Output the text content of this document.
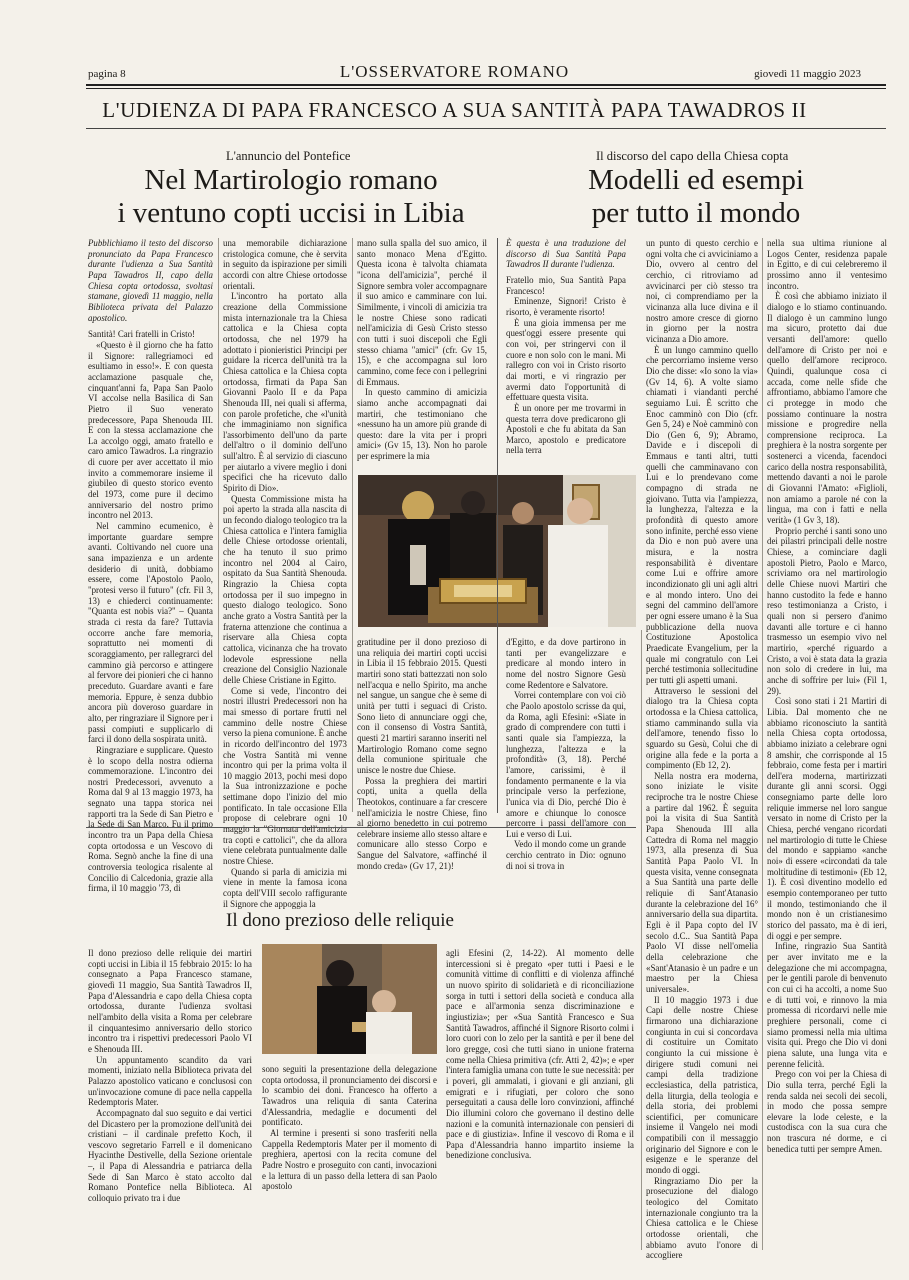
pagina 8	L'OSSERVATORE ROMANO	giovedì 11 maggio 2023
L'UDIENZA DI PAPA FRANCESCO A SUA SANTITÀ PAPA TAWADROS II
L'annuncio del Pontefice
Nel Martirologio romano
i ventuno copti uccisi in Libia
Il discorso del capo della Chiesa copta
Modelli ed esempi
per tutto il mondo

Pubblichiamo il testo del discorso pronunciato da Papa Francesco durante l'udienza a Sua Santità Papa Tawadros II, capo della Chiesa copta ortodossa, svoltasi stamane, giovedì 11 maggio, nella Biblioteca privata del Palazzo apostolico.

Santità! Cari fratelli in Cristo!

«Questo è il giorno che ha fatto il Signore: rallegriamoci ed esultiamo in esso!». E con questa acclamazione pasquale che, cinquant'anni fa, Papa San Paolo VI accolse nella Basilica di San Pietro il Suo venerato predecessore, Papa Shenouda III. E con la stessa acclamazione che La accolgo oggi, amato fratello e caro amico Tawadros. La ringrazio di cuore per aver accettato il mio invito a commemorare insieme il giubileo di questo storico evento del 1973, come pure il decimo anniversario del nostro primo incontro nel 2013.

Nel cammino ecumenico, è importante guardare sempre avanti. Coltivando nel cuore una sana impazienza e un ardente desiderio di unità, dobbiamo essere, come l'Apostolo Paolo, "protesi verso il futuro" (cfr. Fil 3, 13) e chiederci continuamente: "Quanta est nobis via?" – Quanta strada ci resta da fare? Tuttavia occorre anche fare memoria, soprattutto nei momenti di scoraggiamento, per rallegrarci del cammino già percorso e attingere al fervore dei pionieri che ci hanno preceduto. Guardare avanti e fare memoria. Eppure, è senza dubbio ancora più doveroso guardare in alto, per ringraziare il Signore per i passi compiuti e supplicarlo di farci il dono della sospirata unità.

Ringraziare e supplicare. Questo è lo scopo della nostra odierna commemorazione. L'incontro dei nostri Predecessori, avvenuto a Roma dal 9 al 13 maggio 1973, ha segnato una tappa storica nei rapporti tra la Sede di San Pietro e la Sede di San Marco. Fu il primo incontro tra un Papa della Chiesa copta ortodossa e un Vescovo di Roma. Segnò anche la fine di una controversia teologica risalente al Concilio di Calcedonia, grazie alla firma, il 10 maggio '73, di

una memorabile dichiarazione cristologica comune, che è servita in seguito da ispirazione per simili accordi con altre Chiese ortodosse orientali.

L'incontro ha portato alla creazione della Commissione mista internazionale tra la Chiesa cattolica e la Chiesa copta ortodossa, che nel 1979 ha adottato i pionieristici Principi per guidare la ricerca dell'unità tra la Chiesa cattolica e la Chiesa copta ortodossa, firmati da Papa San Giovanni Paolo II e da Papa Shenouda III, nei quali si afferma, con parole profetiche, che «l'unità che immaginiamo non significa l'assorbimento dell'uno da parte dell'altro o il dominio dell'uno sull'altro. È al servizio di ciascuno per aiutarlo a vivere meglio i doni specifici che ha ricevuto dallo Spirito di Dio».

Questa Commissione mista ha poi aperto la strada alla nascita di un fecondo dialogo teologico tra la Chiesa cattolica e l'intera famiglia delle Chiese ortodosse orientali, che ha tenuto il suo primo incontro nel 2004 al Cairo, ospitato da Sua Santità Shenouda. Ringrazio la Chiesa copta ortodossa per il suo impegno in questo dialogo teologico. Sono anche grato a Vostra Santità per la fraterna attenzione che continua a riservare alla Chiesa copta cattolica, vicinanza che ha trovato lodevole espressione nella creazione del Consiglio Nazionale delle Chiese Cristiane in Egitto.

Come si vede, l'incontro dei nostri illustri Predecessori non ha mai smesso di portare frutti nel cammino delle nostre Chiese verso la piena comunione. È anche in ricordo dell'incontro del 1973 che Vostra Santità mi venne incontro qui per la prima volta il 10 maggio 2013, pochi mesi dopo la Sua intronizzazione e poche settimane dopo l'inizio del mio pontificato. In tale occasione Ella propose di celebrare ogni 10 maggio la "Giornata dell'amicizia tra copti e cattolici", che da allora viene celebrata puntualmente dalle nostre Chiese.

Quando si parla di amicizia mi viene in mente la famosa icona copta dell'VIII secolo raffigurante il Signore che appoggia la

mano sulla spalla del suo amico, il santo monaco Mena d'Egitto. Questa icona è talvolta chiamata "icona dell'amicizia", perché il Signore sembra voler accompagnare il suo amico e camminare con lui. Similmente, i vincoli di amicizia tra le nostre Chiese sono radicati nell'amicizia di Gesù Cristo stesso con tutti i suoi discepoli che Egli stesso chiama "amici" (cfr. Gv 15, 15), e che accompagna sul loro cammino, come fece con i pellegrini di Emmaus.

In questo cammino di amicizia siamo anche accompagnati dai martiri, che testimoniano che «nessuno ha un amore più grande di questo: dare la vita per i propri amici» (Gv 15, 13). Non ho parole per esprimere la mia

gratitudine per il dono prezioso di una reliquia dei martiri copti uccisi in Libia il 15 febbraio 2015. Questi martiri sono stati battezzati non solo nell'acqua e nello Spirito, ma anche nel sangue, un sangue che è seme di unità per tutti i seguaci di Cristo. Sono lieto di annunciare oggi che, con il consenso di Vostra Santità, questi 21 martiri saranno inseriti nel Martirologio Romano come segno della comunione spirituale che unisce le nostre due Chiese.

Possa la preghiera dei martiri copti, unita a quella della Theotokos, continuare a far crescere nell'amicizia le nostre Chiese, fino al giorno benedetto in cui potremo celebrare insieme allo stesso altare e comunicare allo stesso Corpo e Sangue del Salvatore, «affinché il mondo creda» (Gv 17, 21)!

È questa è una traduzione del discorso di Sua Santità Papa Tawadros II durante l'udienza.

Fratello mio, Sua Santità Papa Francesco!

Eminenze, Signori! Cristo è risorto, è veramente risorto!

È una gioia immensa per me quest'oggi essere presente qui con voi, per stringervi con il cuore e non solo con le mani. Mi rallegro con voi in Cristo risorto dai morti, e vi ringrazio per avermi dato l'opportunità di effettuare questa visita.

È un onore per me trovarmi in questa terra dove predicarono gli Apostoli e che fu abitata da San Marco, apostolo e predicatore nella terra

d'Egitto, e da dove partirono in tanti per evangelizzare e predicare al mondo intero in nome del nostro Signore Gesù come Redentore e Salvatore.

Vorrei contemplare con voi ciò che Paolo apostolo scrisse da qui, da Roma, agli Efesini: «Siate in grado di comprendere con tutti i santi quale sia l'ampiezza, la lunghezza, l'altezza e la profondità» (3, 18). Perché l'amore, carissimi, è il fondamento permanente e la via principale verso la perfezione, l'unica via di Dio, perché Dio è amore e chiunque lo conosce percorre i passi dell'amore con Lui e verso di Lui.

Vedo il mondo come un grande cerchio centrato in Dio: ognuno di noi si trova in

un punto di questo cerchio e ogni volta che ci avviciniamo a Dio, ovvero al centro del cerchio, ci ritroviamo ad avvicinarci per ciò stesso tra noi, ci comprendiamo per la vicinanza alla luce divina e il nostro amore cresce di giorno in giorno per la nostra vicinanza a Dio amore.

È un lungo cammino quello che percorriamo insieme verso Dio che disse: «Io sono la via» (Gv 14, 6). A volte siamo chiamati i viandanti perché seguiamo Lui. È scritto che Enoc camminò con Dio (cfr. Gen 5, 24) e Noè camminò con Dio (Gen 6, 9); Abramo, Davide e i discepoli di Emmaus e tanti altri, tutti quelli che camminavano con Lui e lo prendevano come compagno di strada ne gioivano. Tutta via l'ampiezza, la lunghezza, l'altezza e la profondità di questo amore sono infinite, perché esso viene da Dio e non può avere una misura, e la nostra responsabilità è diventare come Lui e offrire amore incondizionato gli uni agli altri e al mondo intero. Uno dei segni del cammino dell'amore per ogni essere umano è la Sua pubblicazione della nuova Costituzione Apostolica Praedicate Evangelium, per la quale mi congratulo con Lei perché testimonia sollecitudine per tutti gli aspetti umani.

Attraverso le sessioni del dialogo tra la Chiesa copta ortodossa e la Chiesa cattolica, stiamo camminando sulla via dell'amore, tenendo fisso lo sguardo su Gesù, Colui che di origine alla fede e la porta a compimento (Eb 12, 2).

Nella nostra era moderna, sono iniziate le visite reciproche tra le nostre Chiese a partire dal 1962. È seguita poi la visita di Sua Santità Papa Shenouda III alla Cattedra di Roma nel maggio 1973, alla presenza di Sua Santità Papa Paolo VI. In questa visita, venne consegnata a Sua Santità una parte delle reliquie di Sant'Atanasio durante la celebrazione del 16° anniversario della sua dipartita. Egli è il Papa copto del IV secolo d.C.. Sua Santità Papa Paolo VI disse nell'omelia della celebrazione che «Sant'Atanasio è un padre e un maestro per la Chiesa universale».

Il 10 maggio 1973 i due Capi delle nostre Chiese firmarono una dichiarazione congiunta in cui si concordava di costituire un Comitato congiunto la cui missione è dirigere studi comuni nei campi della tradizione ecclesiastica, della patristica, della liturgia, della teologia e della storia, dei problemi scientifici, per comunicare insieme il Vangelo nei modi compatibili con il messaggio originario del Signore e con le esigenze e le speranze del mondo di oggi.

Ringraziamo Dio per la prosecuzione del dialogo teologico del Comitato internazionale congiunto tra la Chiesa cattolica e le Chiese ortodosse orientali, che abbiamo avuto l'onore di accogliere

nella sua ultima riunione al Logos Center, residenza papale in Egitto, e di cui celebreremo il prossimo anno il ventesimo incontro.

È così che abbiamo iniziato il dialogo e lo stiamo continuando. Il dialogo è un cammino lungo ma sicuro, protetto dai due versanti dell'amore: quello dell'amore di Cristo per noi e quello dell'amore reciproco. Quindi, qualunque cosa ci accada, come nelle sfide che affrontiamo, abbiamo l'amore che ci protegge in modo che possiamo continuare la nostra missione e progredire nella comprensione reciproca. La preghiera è la nostra sorgente per sostenerci a vicenda, facendoci carico della nostra responsabilità, mettendo davanti a noi le parole di Giovanni l'Amato: «Figlioli, non amiamo a parole né con la lingua, ma con i fatti e nella verità» (1 Gv 3, 18).

Proprio perché i santi sono uno dei pilastri principali delle nostre Chiese, a cominciare dagli apostoli Pietro, Paolo e Marco, scriviamo ora nel martirologio delle Chiese nuovi Martiri che hanno custodito la fede e hanno reso testimonianza a Cristo, i quali non si persero d'animo davanti alle torture e ci hanno trasmesso un esempio vivo nel martirio, «perché riguardo a Cristo, a voi è stata data la grazia non solo di credere in lui, ma anche di soffrire per lui» (Fil 1, 29).

Così sono stati i 21 Martiri di Libia. Dal momento che ne abbiamo riconosciuto la santità nella Chiesa copta ortodossa, abbiamo iniziato a celebrare ogni 8 amshir, che corrisponde al 15 febbraio, come festa per i martiri dell'era moderna, martirizzati durante gli anni scorsi. Oggi consegniamo parte delle loro reliquie immerse nel loro sangue versato in nome di Cristo per la Chiesa, perché vengano ricordati nel martirologio di tutte le Chiese del mondo e sappiamo «anche noi» di essere «circondati da tale moltitudine di testimoni» (Eb 12, 1). È così diventino modello ed esempio contemporaneo per tutto il mondo, testimoniando che il mondo non è un cristianesimo storico del passato, ma è di ieri, di oggi e per sempre.

Infine, ringrazio Sua Santità per aver invitato me e la delegazione che mi accompagna, per le gentili parole di benvenuto con cui ci ha accolti, a nome Suo e di tutti voi, e rinnovo la mia promessa di ricordarvi nelle mie preghiere personali, come ci siamo promessi nella mia ultima visita qui. Prego che Dio vi doni piena salute, una lunga vita e perenne felicità.

Prego con voi per la Chiesa di Dio sulla terra, perché Egli la renda salda nei secoli dei secoli, in modo che possa sempre elevare la lode celeste, e la custodisca con la sua cura che non trascura né dorme, e ci benedica tutti per sempre Amen.

Il dono prezioso delle reliquie

Il dono prezioso delle reliquie dei martiri copti uccisi in Libia il 15 febbraio 2015: lo ha consegnato a Papa Francesco stamane, giovedì 11 maggio, Sua Santità Tawadros II, Papa d'Alessandria e capo della Chiesa copta ortodossa, durante l'udienza svoltasi nell'ambito della visita a Roma per celebrare il cinquantesimo anniversario dello storico incontro tra i rispettivi predecessori Paolo VI e Shenouda III.

Un appuntamento scandito da vari momenti, iniziato nella Biblioteca privata del Palazzo apostolico vaticano e conclusosi con un'invocazione comune di pace nella cappella Redemptoris Mater.

Accompagnato dal suo seguito e dai vertici del Dicastero per la promozione dell'unità dei cristiani – il cardinale prefetto Koch, il vescovo segretario Farrell e il domenicano Hyacinthe Destivelle, della Sezione orientale –, il Papa di Alessandria e patriarca della Sede di San Marco è stato accolto dal Romano Pontefice nella Biblioteca. Al colloquio privato tra i due

sono seguiti la presentazione della delegazione copta ortodossa, il pronunciamento dei discorsi e lo scambio dei doni. Francesco ha offerto a Tawadros una reliquia di santa Caterina d'Alessandria, medaglie e documenti del pontificato.

Al termine i presenti si sono trasferiti nella Cappella Redemptoris Mater per il momento di preghiera, apertosi con la recita comune del Padre Nostro e proseguito con canti, invocazioni e la lettura di un passo della lettera di san Paolo apostolo

agli Efesini (2, 14-22). Al momento delle intercessioni si è pregato «per tutti i Paesi e le comunità vittime di conflitti e di violenza affinché un nuovo spirito di solidarietà e di riconciliazione sorga in tutti i settori della società e conduca alla pace e all'armonia senza discriminazione e ingiustizia»; per «Sua Santità Francesco e Sua Santità Tawadros, affinché il Signore Risorto colmi i loro cuori con lo zelo per la santità e per il bene del loro gregge, così che tutti siano in unione fraterna come nella Chiesa primitiva (cfr. Atti 2, 42)»; e «per l'intera famiglia umana con tutte le sue necessità: per i poveri, gli ammalati, i giovani e gli anziani, gli emigrati e i rifugiati, per coloro che sono perseguitati a causa delle loro convinzioni, affinché Dio illumini coloro che governano il destino delle nazioni e la comunità internazionale con pensieri di pace e di giustizia». Infine il vescovo di Roma e il Papa d'Alessandria hanno impartito insieme la benedizione conclusiva.
